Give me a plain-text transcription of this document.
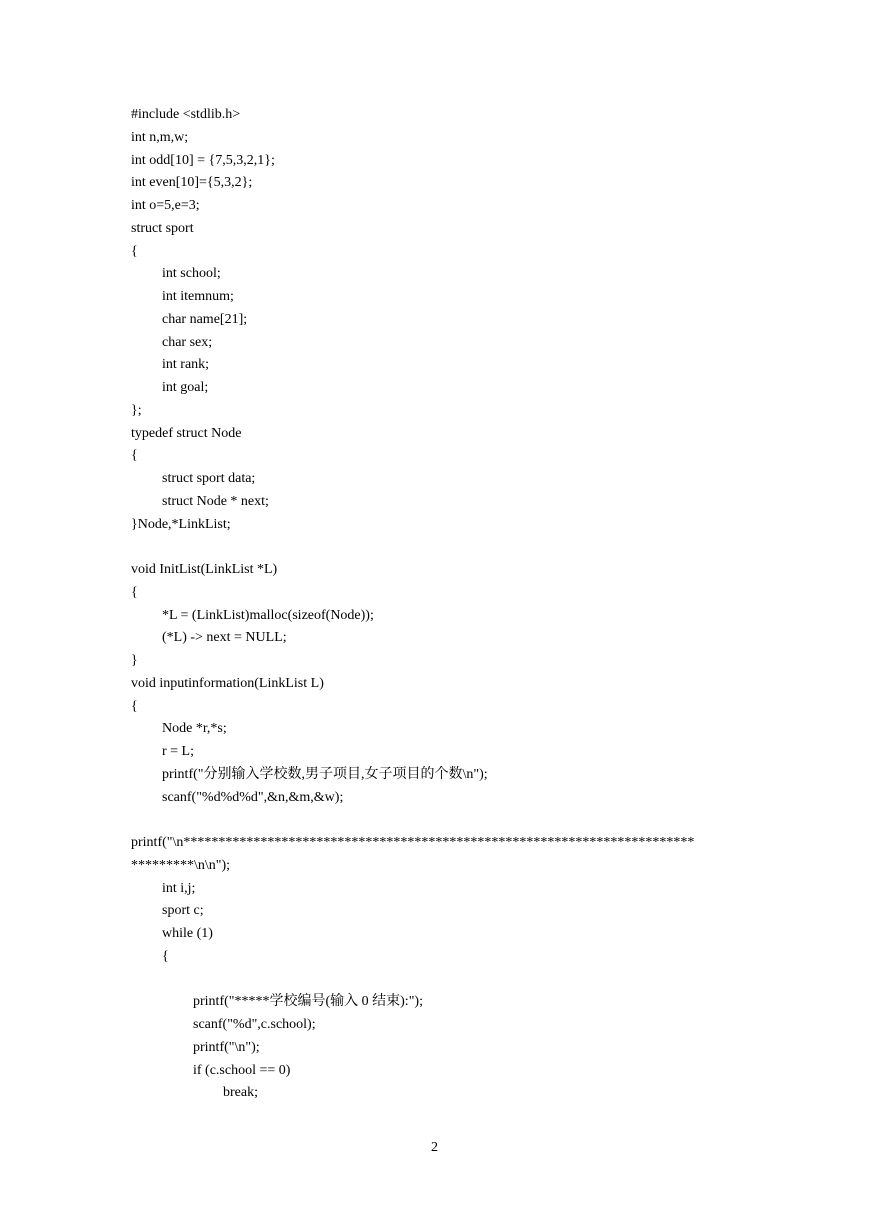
#include <stdlib.h>
int n,m,w;
int odd[10] = {7,5,3,2,1};
int even[10]={5,3,2};
int o=5,e=3;
struct sport
{
int school;
int itemnum;
char name[21];
char sex;
int rank;
int goal;
};
typedef struct Node
{
struct sport data;
struct Node * next;
}Node,*LinkList;
void InitList(LinkList *L)
{
*L = (LinkList)malloc(sizeof(Node));
(*L) -> next = NULL;
}
void inputinformation(LinkList L)
{
Node *r,*s;
r = L;
printf("分别输入学校数,男子项目,女子项目的个数\n");
scanf("%d%d%d",&n,&m,&w);
printf("\n*************************************************************************
*********\n\n");
int i,j;
sport c;
while (1)
{
printf("*****学校编号(输入 0 结束):");
scanf("%d",c.school);
printf("\n");
if (c.school == 0)
break;
2
